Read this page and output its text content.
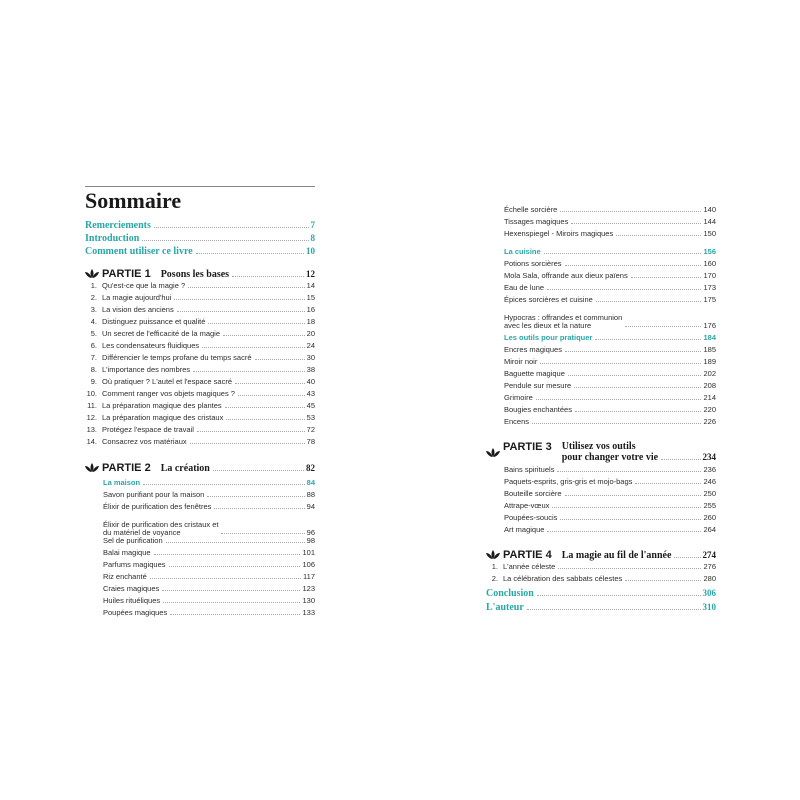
Sommaire
Remerciements	7
Introduction	8
Comment utiliser ce livre	10
PARTIE 1 Posons les bases	12
1. Qu'est-ce que la magie ?	14
2. La magie aujourd'hui	15
3. La vision des anciens	16
4. Distinguez puissance et qualité	18
5. Un secret de l'efficacité de la magie	20
6. Les condensateurs fluidiques	24
7. Différencier le temps profane du temps sacré	30
8. L'importance des nombres	38
9. Où pratiquer ? L'autel et l'espace sacré	40
10. Comment ranger vos objets magiques ?	43
11. La préparation magique des plantes	45
12. La préparation magique des cristaux	53
13. Protégez l'espace de travail	72
14. Consacrez vos matériaux	78
PARTIE 2 La création	82
La maison	84
Savon purifiant pour la maison	88
Élixir de purification des fenêtres	94
Élixir de purification des cristaux et
du matériel de voyance	96
Sel de purification	98
Balai magique	101
Parfums magiques	106
Riz enchanté	117
Craies magiques	123
Huiles rituéliques	130
Poupées magiques	133
Échelle sorcière	140
Tissages magiques	144
Hexenspiegel - Miroirs magiques	150
La cuisine	156
Potions sorcières	160
Mola Sala, offrande aux dieux païens	170
Eau de lune	173
Épices sorcières et cuisine	175
Hypocras : offrandes et communion
avec les dieux et la nature	176
Les outils pour pratiquer	184
Encres magiques	185
Miroir noir	189
Baguette magique	202
Pendule sur mesure	208
Grimoire	214
Bougies enchantées	220
Encens	226
PARTIE 3 Utilisez vos outils
pour changer votre vie	234
Bains spirituels	236
Paquets-esprits, gris-gris et mojo-bags	246
Bouteille sorcière	250
Attrape-vœux	255
Poupées-soucis	260
Art magique	264
PARTIE 4 La magie au fil de l'année	274
1. L'année céleste	276
2. La célébration des sabbats célestes	280
Conclusion	306
L'auteur	310
